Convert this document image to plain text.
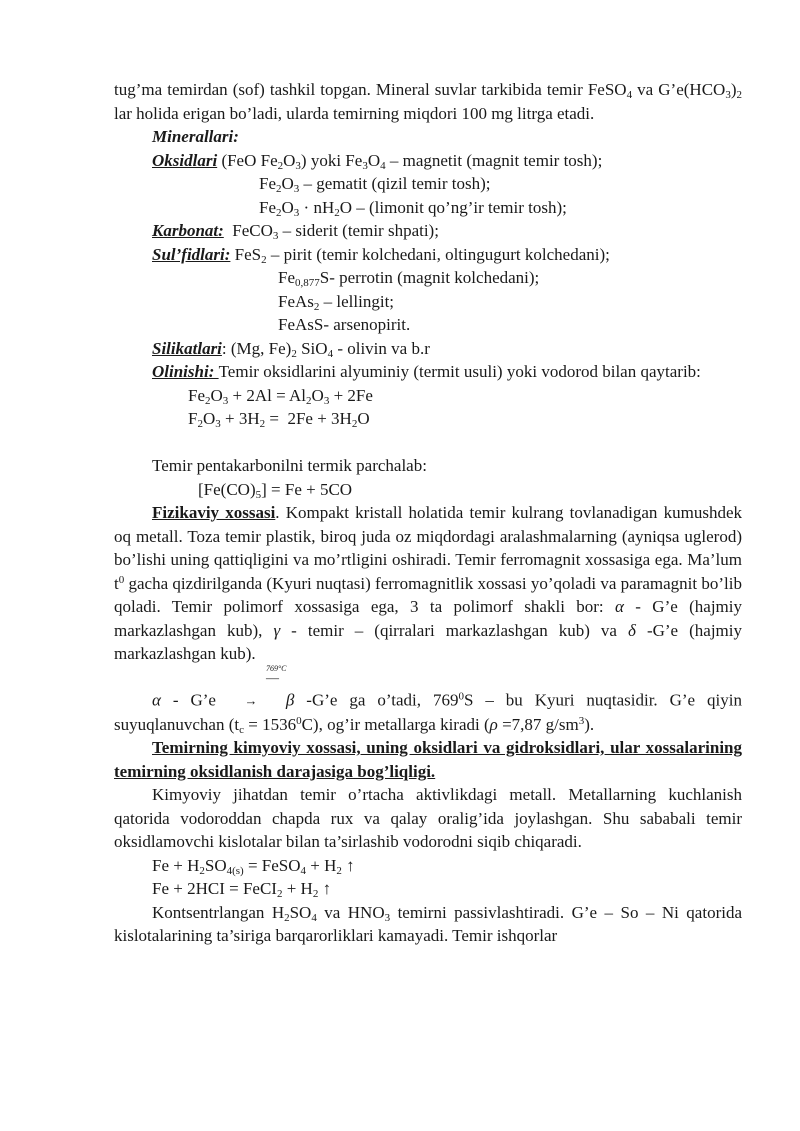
tug’ma temirdan (sof) tashkil topgan. Mineral suvlar tarkibida temir FeSO$_4$ va $G’e(HCO_3)_2$ lar holida erigan bo’ladi, ularda temirning miqdori 100 mg litrga etadi.

Minerallari:

Oksidlari (FeO $Fe_2O_3$) yoki $Fe_3O_4$ – magnetit (magnit temir tosh);

$Fe_2O_3$ – gematit (qizil temir tosh);

$Fe_2O_3 \cdot nH_2O$ – (limonit qo’ng’ir temir tosh);

Karbonat:  FeCO$_3$ – siderit (temir shpati);

Sul’fidlari: FeS$_2$ – pirit (temir kolchedani, oltingugurt kolchedani);

$Fe_{0,877}S-$ perrotin (magnit kolchedani);

FeAs$_2$ – lellingit;

FeAsS- arsenopirit.

Silikatlari: (Mg, $Fe)_2$ SiO$_4$ - olivin va b.r

Olinishi: Temir oksidlarini alyuminiy (termit usuli) yoki vodorod bilan qaytarib:

$Fe_2O_3 + 2Al = Al_2O_3 + 2Fe$

$F_2O_3 + 3H_2 = 2Fe + 3H_2O$

Temir pentakarbonilni termik parchalab:

$[Fe(CO)_5] = Fe + 5CO$

Fizikaviy xossasi. Kompakt kristall holatida temir kulrang tovlanadigan kumushdek oq metall. Toza temir plastik, biroq juda oz miqdordagi aralashmalarning (ayniqsa uglerod) bo’lishi uning qattiqligini va mo’rtligini oshiradi. Temir ferromagnit xossasiga ega. Ma’lum $t^0$ gacha qizdirilganda (Kyuri nuqtasi) ferromagnitlik xossasi yo’qoladi va paramagnit bo’lib qoladi. Temir polimorf xossasiga ega, 3 ta polimorf shakli bor: α - G’e (hajmiy markazlashgan kub), γ - temir – (qirralari markazlashgan kub) va δ -G’e (hajmiy markazlashgan kub).

α - G’e
769°C
—→ β -G’e ga o’tadi, $769^0S$ – bu Kyuri nuqtasidir. G’e qiyin suyuqlanuvchan $(t_c = 1536^0C)$, og’ir metallarga kiradi (ρ =7,87 $g/sm^3$).

Temirning kimyoviy xossasi, uning oksidlari va gidroksidlari, ular xossalarining temirning oksidlanish darajasiga bog’liqligi.

Kimyoviy jihatdan temir o’rtacha aktivlikdagi metall. Metallarning kuchlanish qatorida vodoroddan chapda rux va qalay oralig’ida joylashgan. Shu sababali temir oksidlamovchi kislotalar bilan ta’sirlashib vodorodni siqib chiqaradi.

$Fe + H_2SO_{4(s)}$ = FeSO$_4$ + $H_2$ ↑

Fe + 2HCI = FeCI$_2$ + $H_2$ ↑

Kontsentrlangan $H_2SO_4$ va $HNO_3$ temirni passivlashtiradi. G’e – So – Ni qatorida kislotalarining ta’siriga barqarorliklari kamayadi. Temir ishqorlar
